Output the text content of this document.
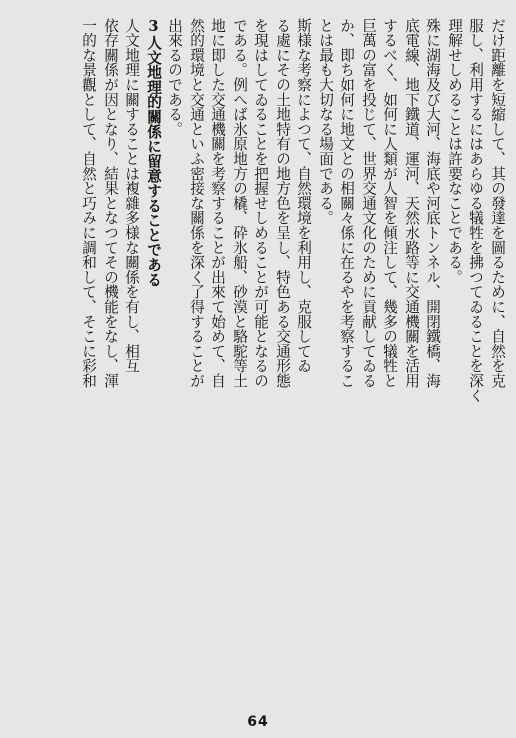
だけ距離を短縮して、其の發達を圖るために、自然を克
服し、利用するにはあらゆる犠牲を拂つてゐることを深く
理解せしめることは許要なことである。
殊に湖海及び大河、海底や河底トンネル、開閉鐵橋、海
底電線、地下鐵道、運河、天然水路等に交通機關を活用
するべく、如何に人類が人智を傾注して、幾多の犠牲と
巨萬の富を投じて、世界交通文化のために貢献してゐる
か、即ち如何に地文との相關々係に在るやを考察するこ
とは最も大切なる場面である。
斯様な考察によつて、自然環境を利用し、克服してゐ
る處にその土地特有の地方色を呈し、特色ある交通形態
を現はしてゐることを把握せしめることが可能となるの
である。例へば氷原地方の橇、砕氷船、砂漠と駱駝等土
地に即した交通機關を考察することが出來て始めて、自
然的環境と交通といふ密接な關係を深く了得することが
出來るのである。
3人文地理的關係に留意することである
人文地理に關することは複雜多様な關係を有し、相互
依存關係が因となり、結果となつてその機能をなし、渾
一的な景觀として、自然と巧みに調和して、そこに彩和
64
